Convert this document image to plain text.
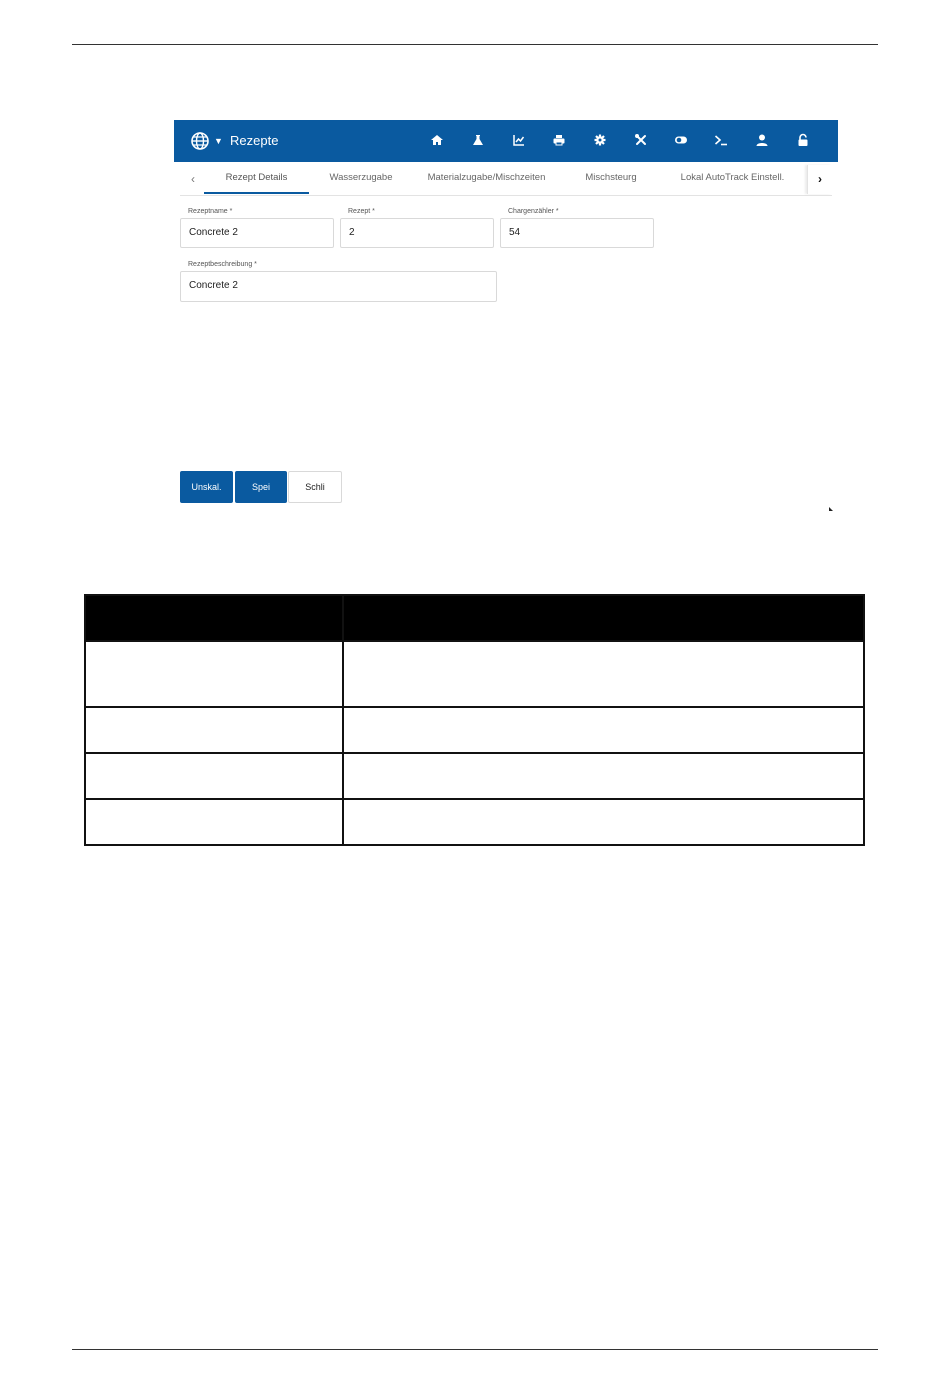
▼ Rezepte
‹	Rezept Details	Wasserzugabe	Materialzugabe/Mischzeiten	Mischsteurg	Lokal AutoTrack Einstell.	›
Rezeptname *
Concrete 2
Rezept *
2
Chargenzähler *
54
Rezeptbeschreibung *
Concrete 2
Unskal.	Spei	Schli
